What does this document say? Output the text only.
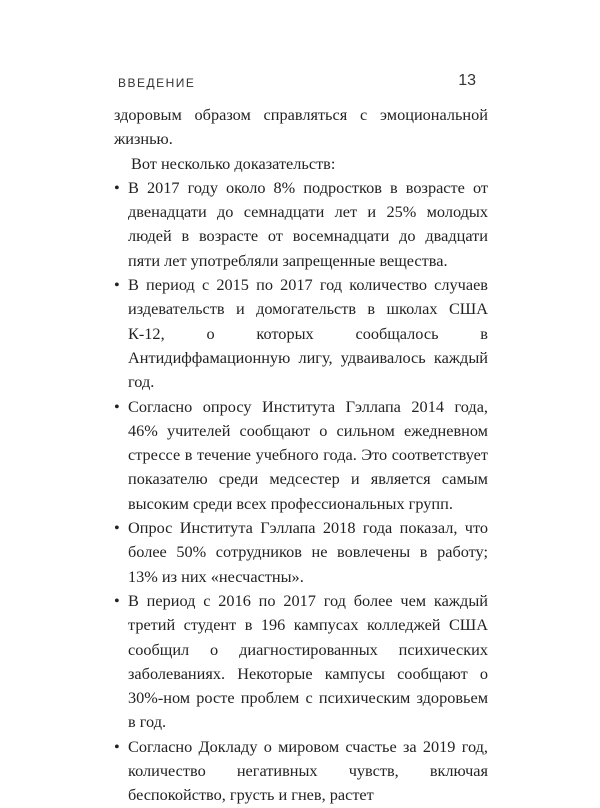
ВВЕДЕНИЕ	13

здоровым образом справляться с эмоциональной жизнью.

Вот несколько доказательств:

• В 2017 году около 8% подростков в возрасте от двенадцати до семнадцати лет и 25% молодых людей в возрасте от восемнадцати до двадцати пяти лет употребляли запрещенные вещества.
• В период с 2015 по 2017 год количество случаев издевательств и домогательств в школах США К-12, о которых сообщалось в Антидиффамационную лигу, удваивалось каждый год.
• Согласно опросу Института Гэллапа 2014 года, 46% учителей сообщают о сильном ежедневном стрессе в течение учебного года. Это соответствует показателю среди медсестер и является самым высоким среди всех профессиональных групп.
• Опрос Института Гэллапа 2018 года показал, что более 50% сотрудников не вовлечены в работу; 13% из них «несчастны».
• В период с 2016 по 2017 год более чем каждый третий студент в 196 кампусах колледжей США сообщил о диагностированных психических заболеваниях. Некоторые кампусы сообщают о 30%-ном росте проблем с психическим здоровьем в год.
• Согласно Докладу о мировом счастье за 2019 год, количество негативных чувств, включая беспокойство, грусть и гнев, растет
